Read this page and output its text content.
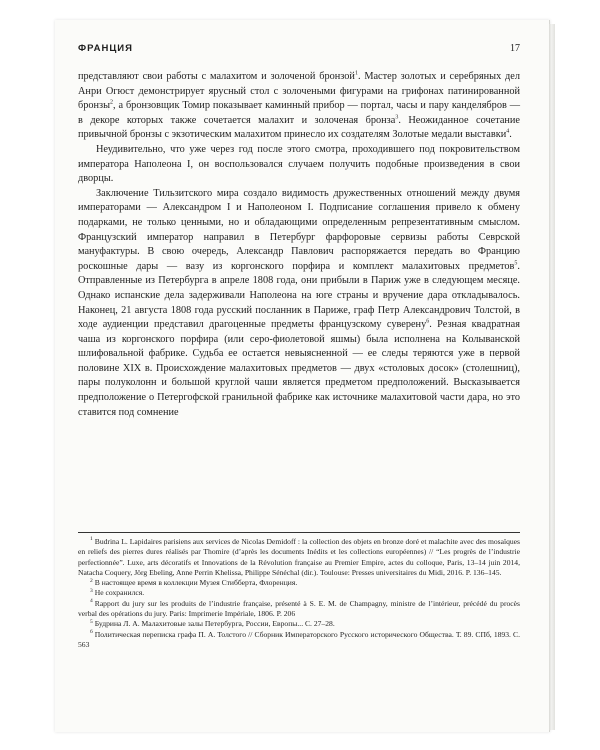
ФРАНЦИЯ	17

представляют свои работы с малахитом и золоченой бронзой$^1$. Мастер золотых и серебряных дел Анри Огюст демонстрирует ярусный стол с золочеными фигурами на грифонах патинированной бронзы$^2$, а бронзовщик Томир показывает каминный прибор — портал, часы и пару канделябров — в декоре которых также сочетается малахит и золоченая бронза$^3$. Неожиданное сочетание привычной бронзы с экзотическим малахитом принесло их создателям Золотые медали выставки$^4$.

Неудивительно, что уже через год после этого смотра, проходившего под покровительством императора Наполеона I, он воспользовался случаем получить подобные произведения в свои дворцы.

Заключение Тильзитского мира создало видимость дружественных отношений между двумя императорами — Александром I и Наполеоном I. Подписание соглашения привело к обмену подарками, не только ценными, но и обладающими определенным репрезентативным смыслом. Французский император направил в Петербург фарфоровые сервизы работы Севрской мануфактуры. В свою очередь, Александр Павлович распоряжается передать во Францию роскошные дары — вазу из коргонского порфира и комплект малахитовых предметов$^5$. Отправленные из Петербурга в апреле 1808 года, они прибыли в Париж уже в следующем месяце. Однако испанские дела задерживали Наполеона на юге страны и вручение дара откладывалось. Наконец, 21 августа 1808 года русский посланник в Париже, граф Петр Александрович Толстой, в ходе аудиенции представил драгоценные предметы французскому суверену$^6$. Резная квадратная чаша из коргонского порфира (или серо-фиолетовой яшмы) была исполнена на Колыванской шлифовальной фабрике. Судьба ее остается невыясненной — ее следы теряются уже в первой половине XIX в. Происхождение малахитовых предметов — двух «столовых досок» (столешниц), пары полуколонн и большой круглой чаши является предметом предположений. Высказывается предположение о Петергофской гранильной фабрике как источнике малахитовой части дара, но это ставится под сомнение

$^1$ Budrina L. Lapidaires parisiens aux services de Nicolas Demidoff : la collection des objets en bronze doré et malachite avec des mosaïques en reliefs des pierres dures réalisés par Thomire (d’après les documents Inédits et les collections européennes) // “Les progrès de l’industrie perfectionnée”. Luxe, arts décoratifs et Innovations de la Révolution française au Premier Empire, actes du colloque, Paris, 13–14 juin 2014, Natacha Coquery, Jörg Ebeling, Anne Perrin Khelissa, Philippe Sénéchal (dir.). Toulouse: Presses universitaires du Midi, 2016. P. 136–145.

$^2$ В настоящее время в коллекции Музея Стибберта, Флоренция.

$^3$ Не сохранился.

$^4$ Rapport du jury sur les produits de l’industrie française, présenté à S. E. M. de Champagny, ministre de l’intérieur, précédé du procès verbal des opérations du jury. Paris: Imprimerie Impériale, 1806. P. 206

$^5$ Будрина Л. А. Малахитовые залы Петербурга, России, Европы... С. 27–28.

$^6$ Политическая переписка графа П. А. Толстого // Сборник Императорского Русского исторического Общества. Т. 89. СПб, 1893. С. 563
